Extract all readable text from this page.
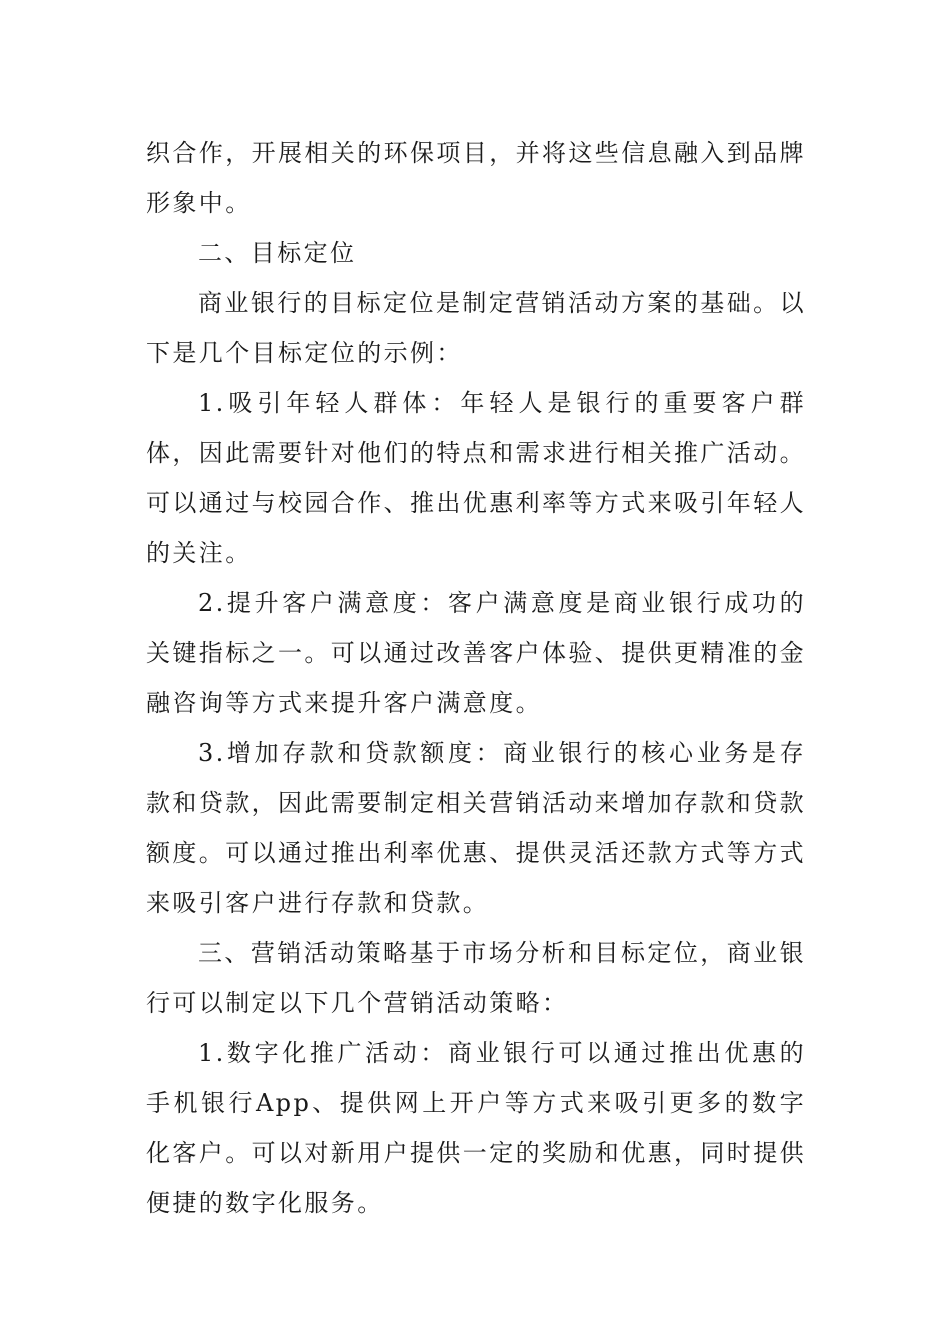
织合作，开展相关的环保项目，并将这些信息融入到品牌形象中。

二、目标定位

商业银行的目标定位是制定营销活动方案的基础。以下是几个目标定位的示例：

1.吸引年轻人群体：年轻人是银行的重要客户群体，因此需要针对他们的特点和需求进行相关推广活动。可以通过与校园合作、推出优惠利率等方式来吸引年轻人的关注。

2.提升客户满意度：客户满意度是商业银行成功的关键指标之一。可以通过改善客户体验、提供更精准的金融咨询等方式来提升客户满意度。

3.增加存款和贷款额度：商业银行的核心业务是存款和贷款，因此需要制定相关营销活动来增加存款和贷款额度。可以通过推出利率优惠、提供灵活还款方式等方式来吸引客户进行存款和贷款。

三、营销活动策略基于市场分析和目标定位，商业银行可以制定以下几个营销活动策略：

1.数字化推广活动：商业银行可以通过推出优惠的手机银行App、提供网上开户等方式来吸引更多的数字化客户。可以对新用户提供一定的奖励和优惠，同时提供便捷的数字化服务。
